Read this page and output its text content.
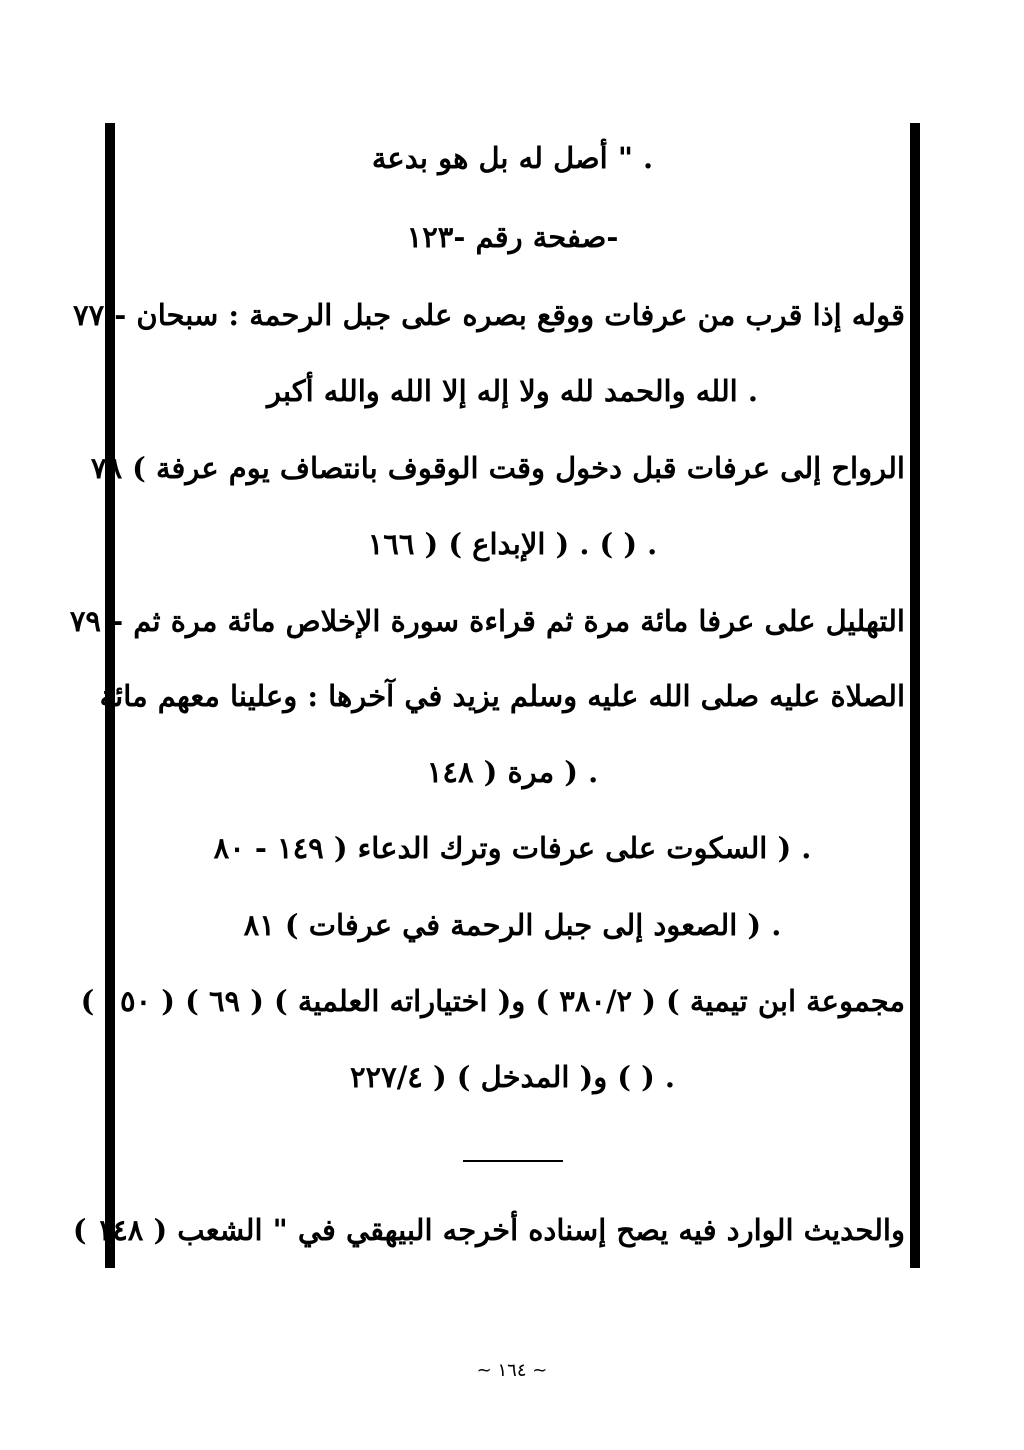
. " أصل له بل هو بدعة
-صفحة رقم -١٢٣
قوله إذا قرب من عرفات ووقع بصره على جبل الرحمة : سبحان - ٧٧
. الله والحمد لله ولا إله إلا الله والله أكبر
الرواح إلى عرفات قبل دخول وقت الوقوف بانتصاف يوم عرفة ) ٧٨
. ( ) . ( الإبداع ) ( ١٦٦
التهليل على عرفا مائة مرة ثم قراءة سورة الإخلاص مائة مرة ثم - ٧٩
الصلاة عليه صلى الله عليه وسلم يزيد في آخرها : وعلينا معهم مائة
. ( مرة ( ١٤٨
. ( السكوت على عرفات وترك الدعاء ( ١٤٩ - ٨٠
. ( الصعود إلى جبل الرحمة في عرفات ) ٨١
مجموعة ابن تيمية ) ( ٣٨٠/٢ ) و( اختياراته العلمية ) ( ٦٩ ) ( ١٥٠ )
. ( ) و( المدخل ) ( ٢٢٧/٤
والحديث الوارد فيه يصح إسناده أخرجه البيهقي في " الشعب ( ١٤٨ )
~ ١٦٤ ~
